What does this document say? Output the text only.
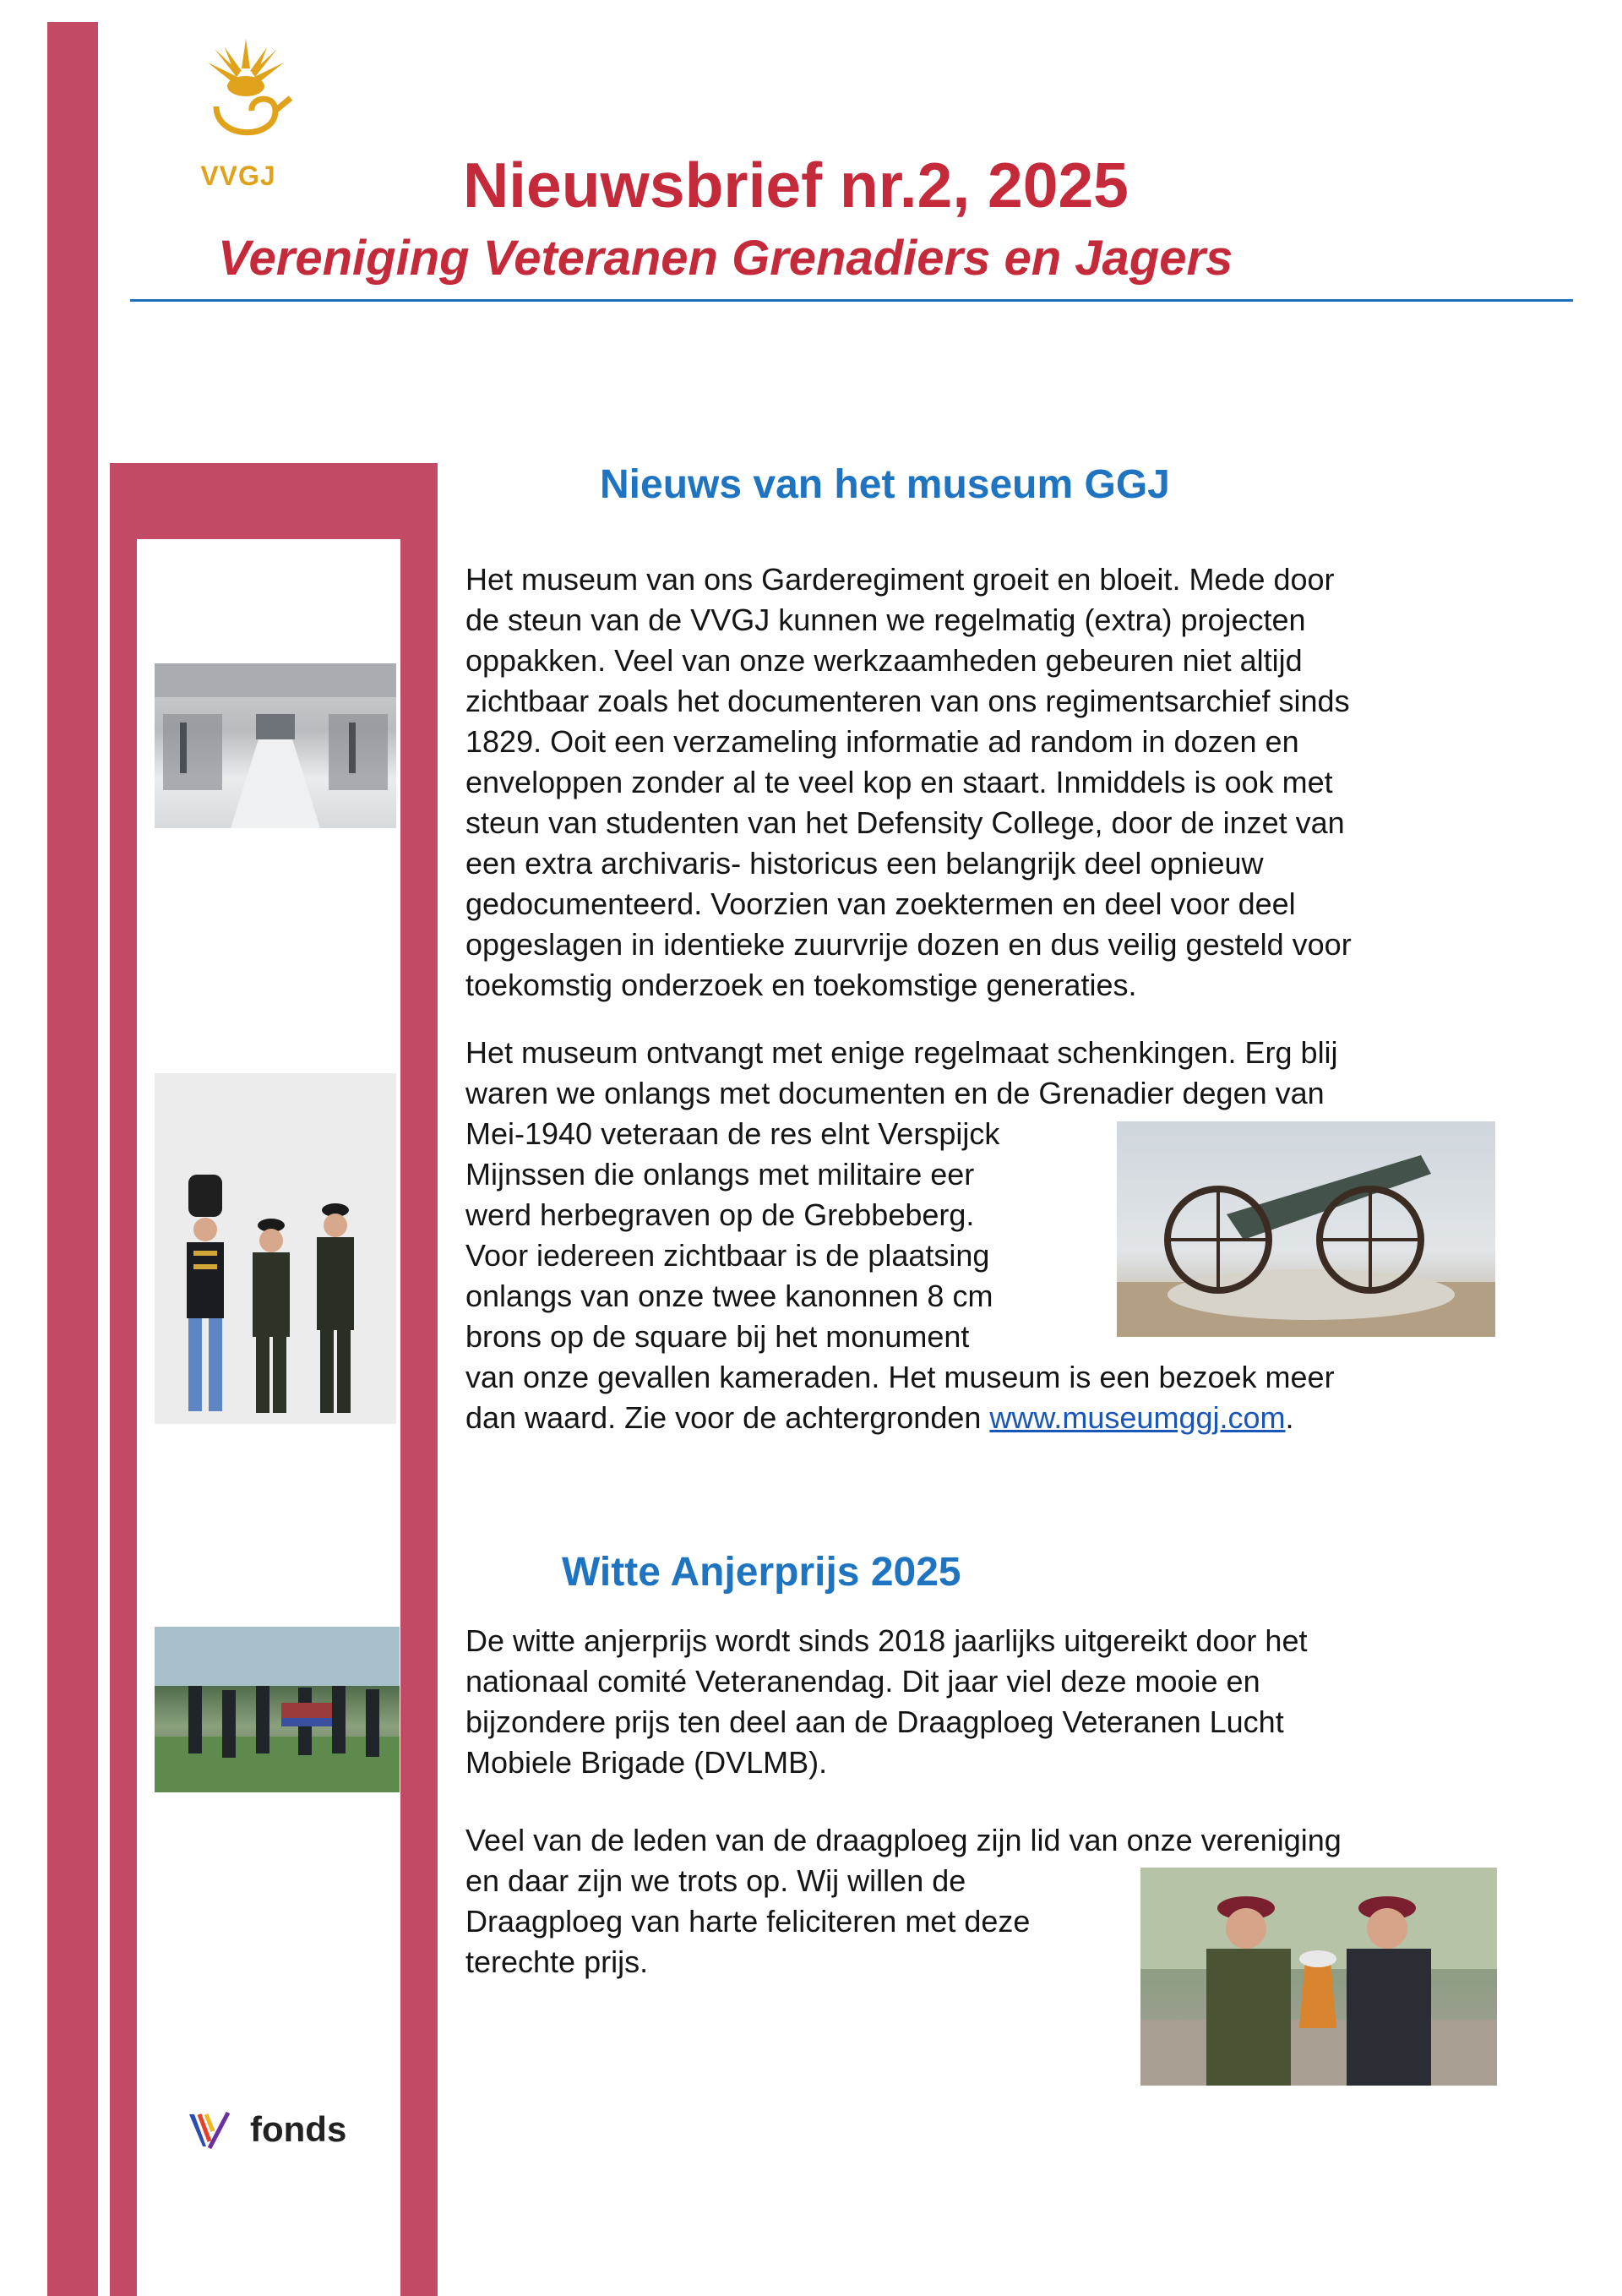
VVGJ	Nieuwsbrief nr.2, 2025
Vereniging Veteranen Grenadiers en Jagers
Nieuws van het museum GGJ

Het museum van ons Garderegiment groeit en bloeit. Mede door

de steun van de VVGJ kunnen we regelmatig (extra) projecten

oppakken. Veel van onze werkzaamheden gebeuren niet altijd

zichtbaar zoals het documenteren van ons regimentsarchief sinds

1829. Ooit een verzameling informatie ad random in dozen en

enveloppen zonder al te veel kop en staart. Inmiddels is ook met

steun van studenten van het Defensity College, door de inzet van

een extra archivaris- historicus een belangrijk deel opnieuw

gedocumenteerd. Voorzien van zoektermen en deel voor deel

opgeslagen in identieke zuurvrije dozen en dus veilig gesteld voor

toekomstig onderzoek en toekomstige generaties.

Het museum ontvangt met enige regelmaat schenkingen. Erg blij

waren we onlangs met documenten en de Grenadier degen van

Mei-1940 veteraan de res elnt Verspijck

Mijnssen die onlangs met militaire eer

werd herbegraven op de Grebbeberg.

Voor iedereen zichtbaar is de plaatsing

onlangs van onze twee kanonnen 8 cm

brons op de square bij het monument

van onze gevallen kameraden. Het museum is een bezoek meer

dan waard. Zie voor de achtergronden www.museumggj.com.

Witte Anjerprijs 2025

De witte anjerprijs wordt sinds 2018 jaarlijks uitgereikt door het

nationaal comité Veteranendag. Dit jaar viel deze mooie en

bijzondere prijs ten deel aan de Draagploeg Veteranen Lucht

Mobiele Brigade (DVLMB).

Veel van de leden van de draagploeg zijn lid van onze vereniging

en daar zijn we trots op. Wij willen de

Draagploeg van harte feliciteren met deze

terechte prijs.

fonds
